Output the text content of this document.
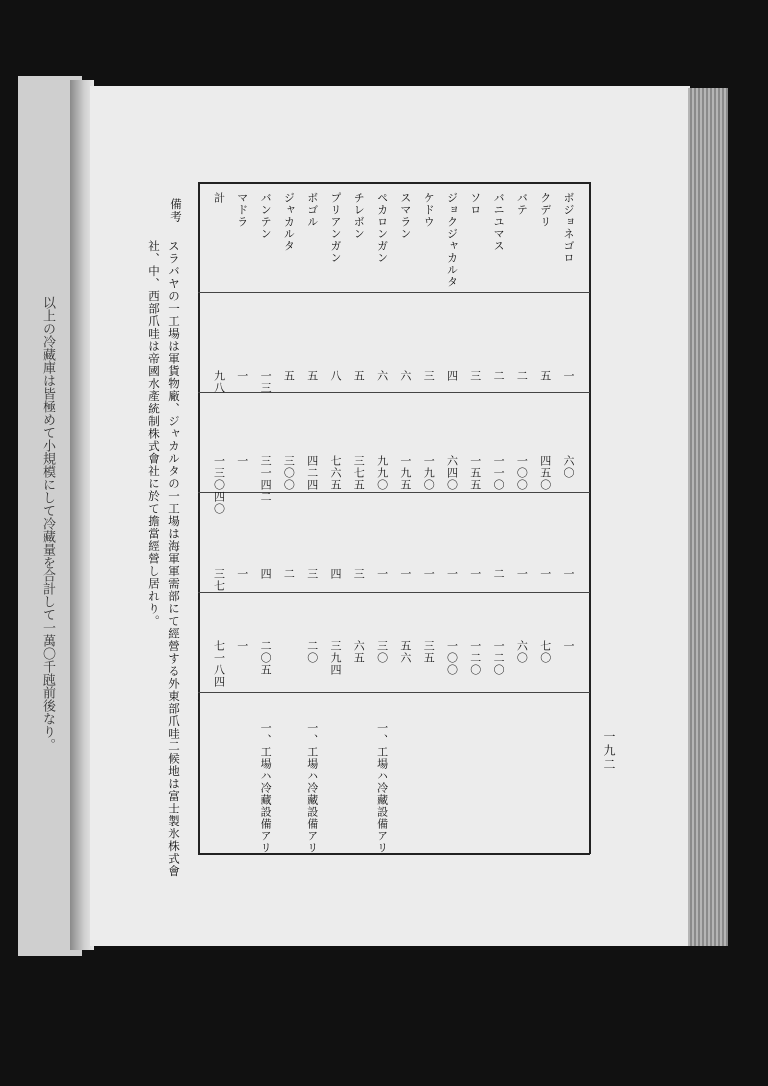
以上の冷藏庫は皆極めて小規模にして冷藏量を合計して一萬〇千瓲前後なり。	一九二
ボジョネゴロ
一
六〇
一
一
クデリ
五
四五〇
一
七〇
バテ
二
一〇〇
一
六〇
バニユマス
二
一一〇
二
一二〇
ソロ
三
一五五
一
一二〇
ジョクジャカルタ
四
六四〇
一
一〇〇
ケドウ
三
一九〇
一
三五
スマラン
六
一九五
一
五六
ペカロンガン
六
九九〇
一
三〇
一、工場ハ冷藏設備アリ
チレボン
五
三七五
三
六五
プリアンガン
八
七六五
四
三九四
ボゴル
五
四二四
三
二〇
一、工場ハ冷藏設備アリ
ジャカルタ
五
三〇〇
二
バンテン
一三
三一四二
四
二〇五
一、工場ハ冷藏設備アリ
マドラ
一
一
一
一
計
九八
一三〇四〇
三七
七一八四
備考
スラバヤの一工場は軍貨物廠、ジャカルタの一工場は海軍軍需部にて經營する外東部爪哇二候地は富士製氷株式會
社、中、西部爪哇は帝國水產統制株式會社に於て擔當經營し居れり。
